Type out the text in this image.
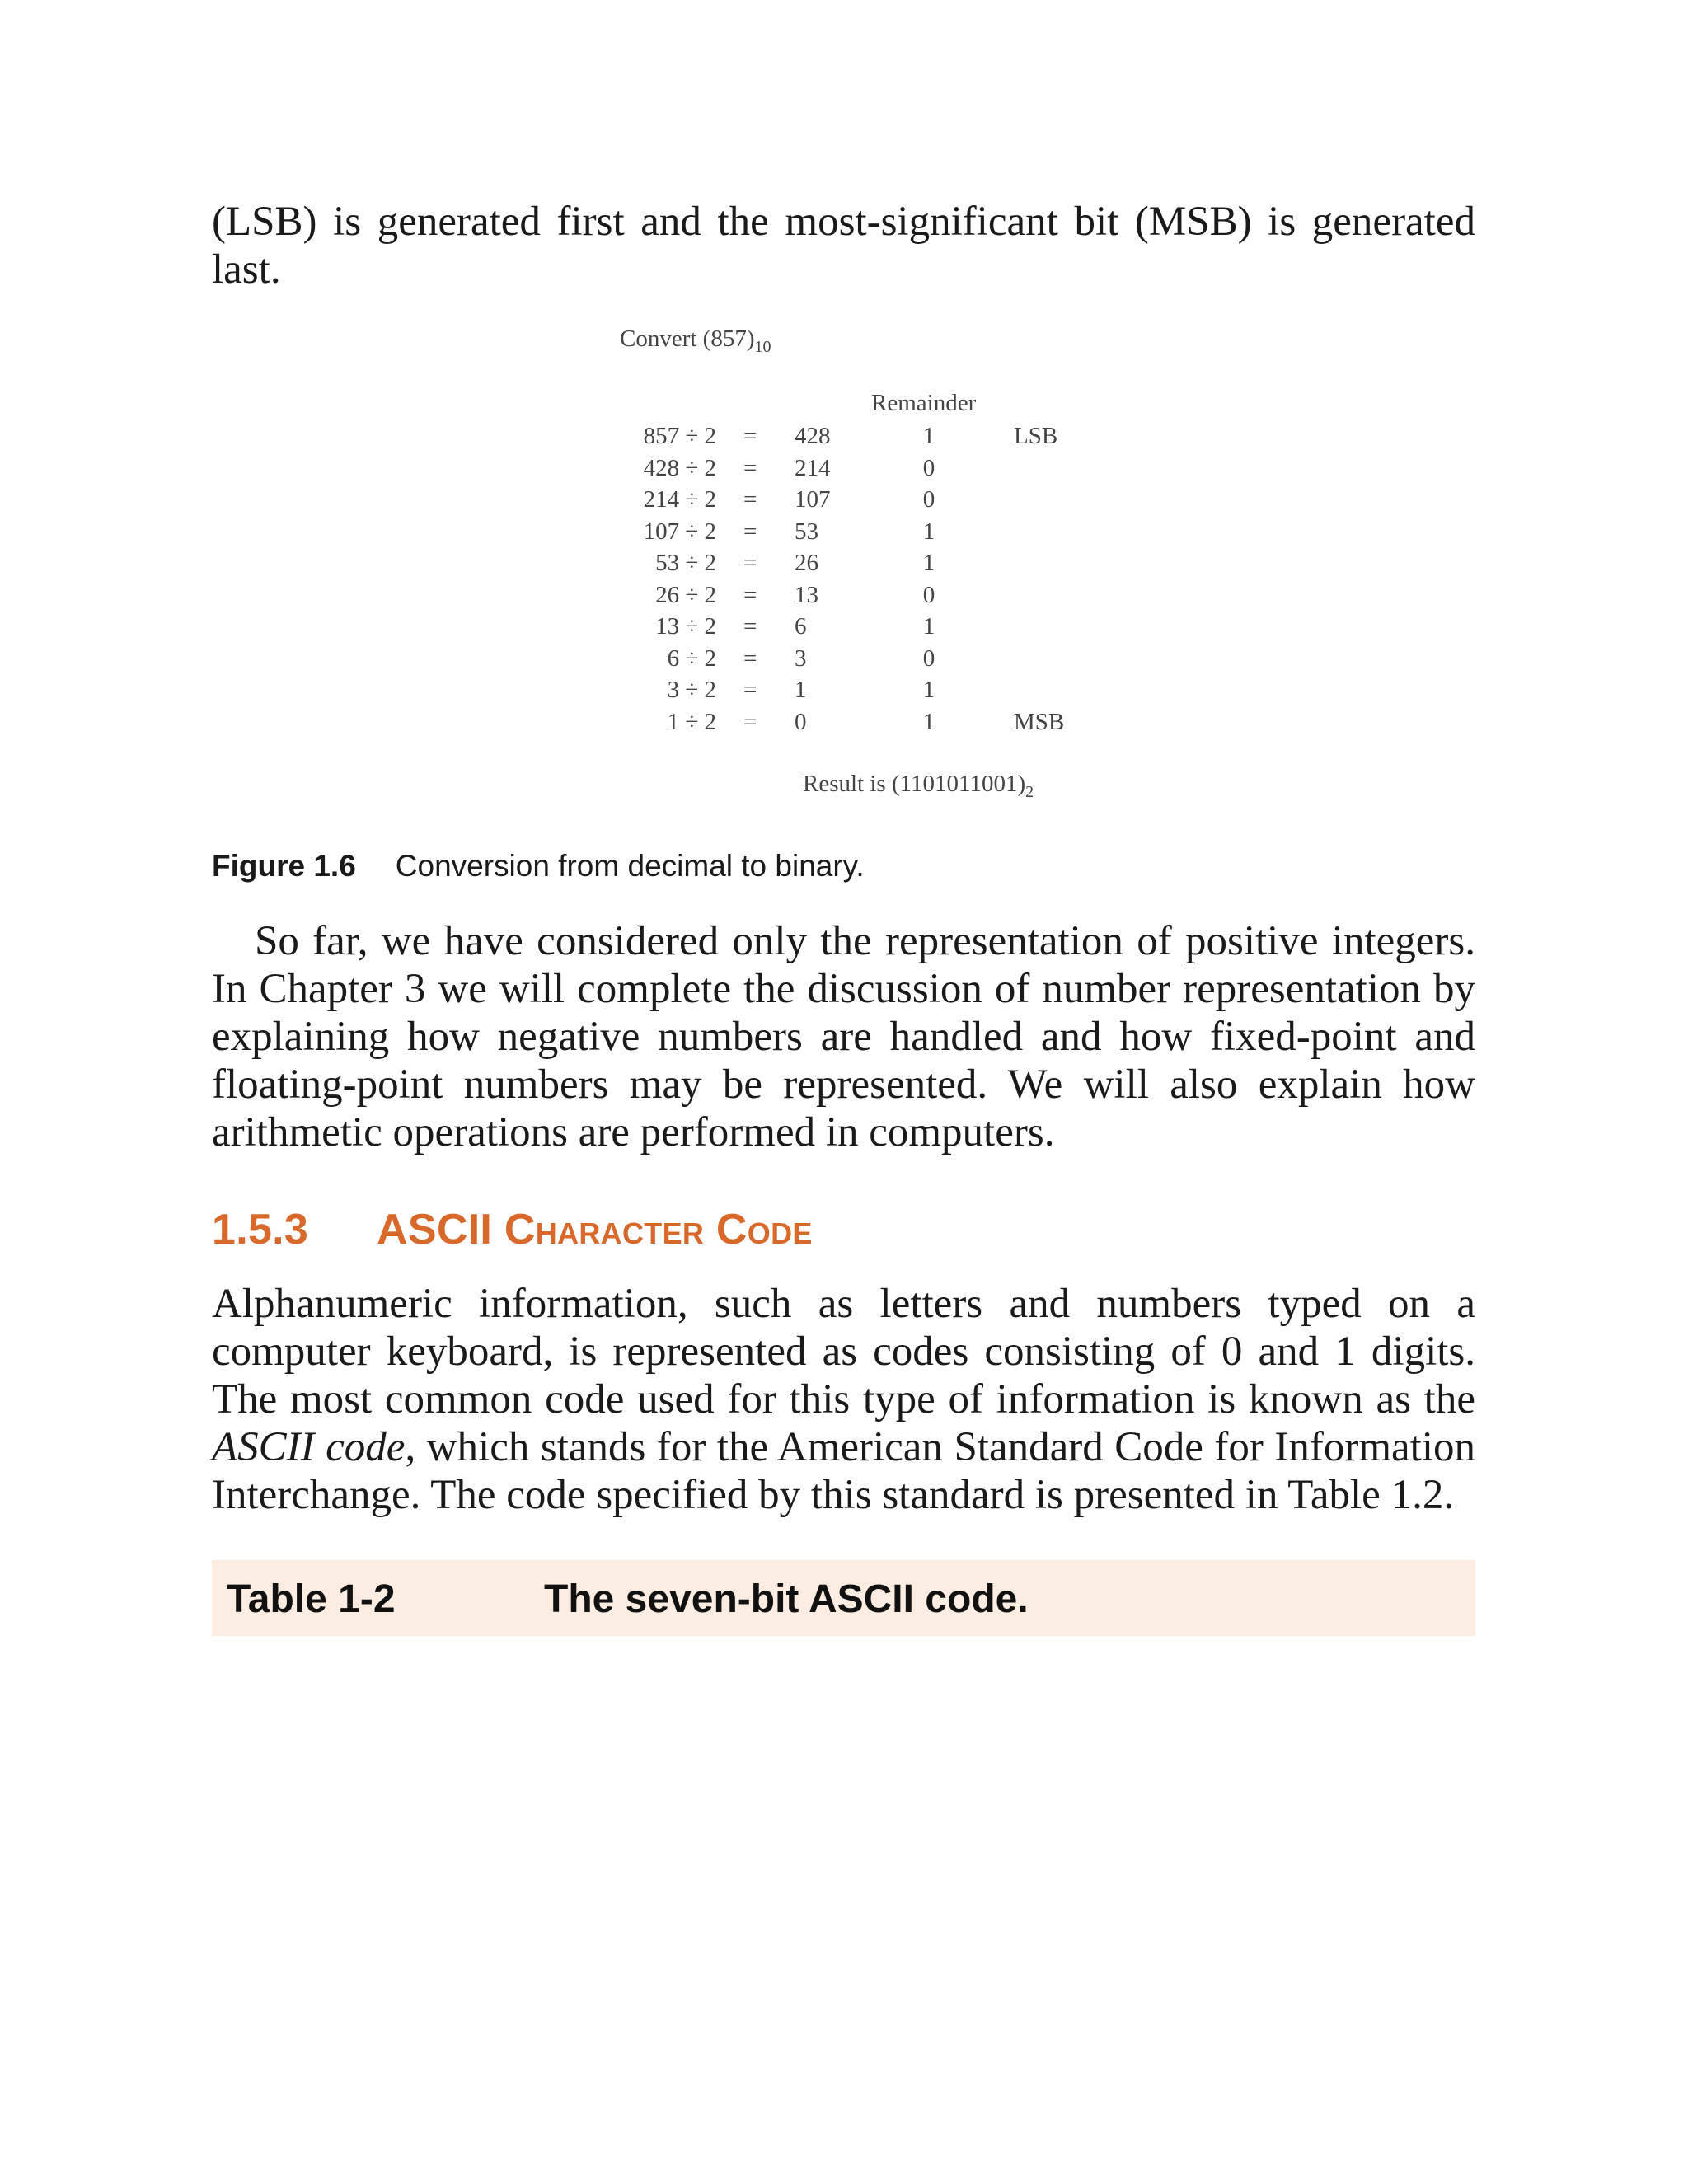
(LSB) is generated first and the most-significant bit (MSB) is generated last.

Convert $(857)_{10}$
Remainder
857 ÷ 2 = 428	1	LSB
428 ÷ 2 = 214	0
214 ÷ 2 = 107	0
107 ÷ 2 = 53	1
53 ÷ 2 = 26	1
26 ÷ 2 = 13	0
13 ÷ 2 = 6	1
6 ÷ 2 = 3	0
3 ÷ 2 = 1	1
1 ÷ 2 = 0	1	MSB
Result is $(1101011001)_2$
Figure 1.6 Conversion from decimal to binary.

So far, we have considered only the representation of positive integers. In Chapter 3 we will complete the discussion of number representation by explaining how negative numbers are handled and how fixed-point and floating-point numbers may be represented. We will also explain how arithmetic operations are performed in computers.

1.5.3 ASCII Character Code

Alphanumeric information, such as letters and numbers typed on a computer keyboard, is represented as codes consisting of 0 and 1 digits. The most common code used for this type of information is known as the ASCII code, which stands for the American Standard Code for Information Interchange. The code specified by this standard is presented in Table 1.2.

Table 1-2	The seven-bit ASCII code.
